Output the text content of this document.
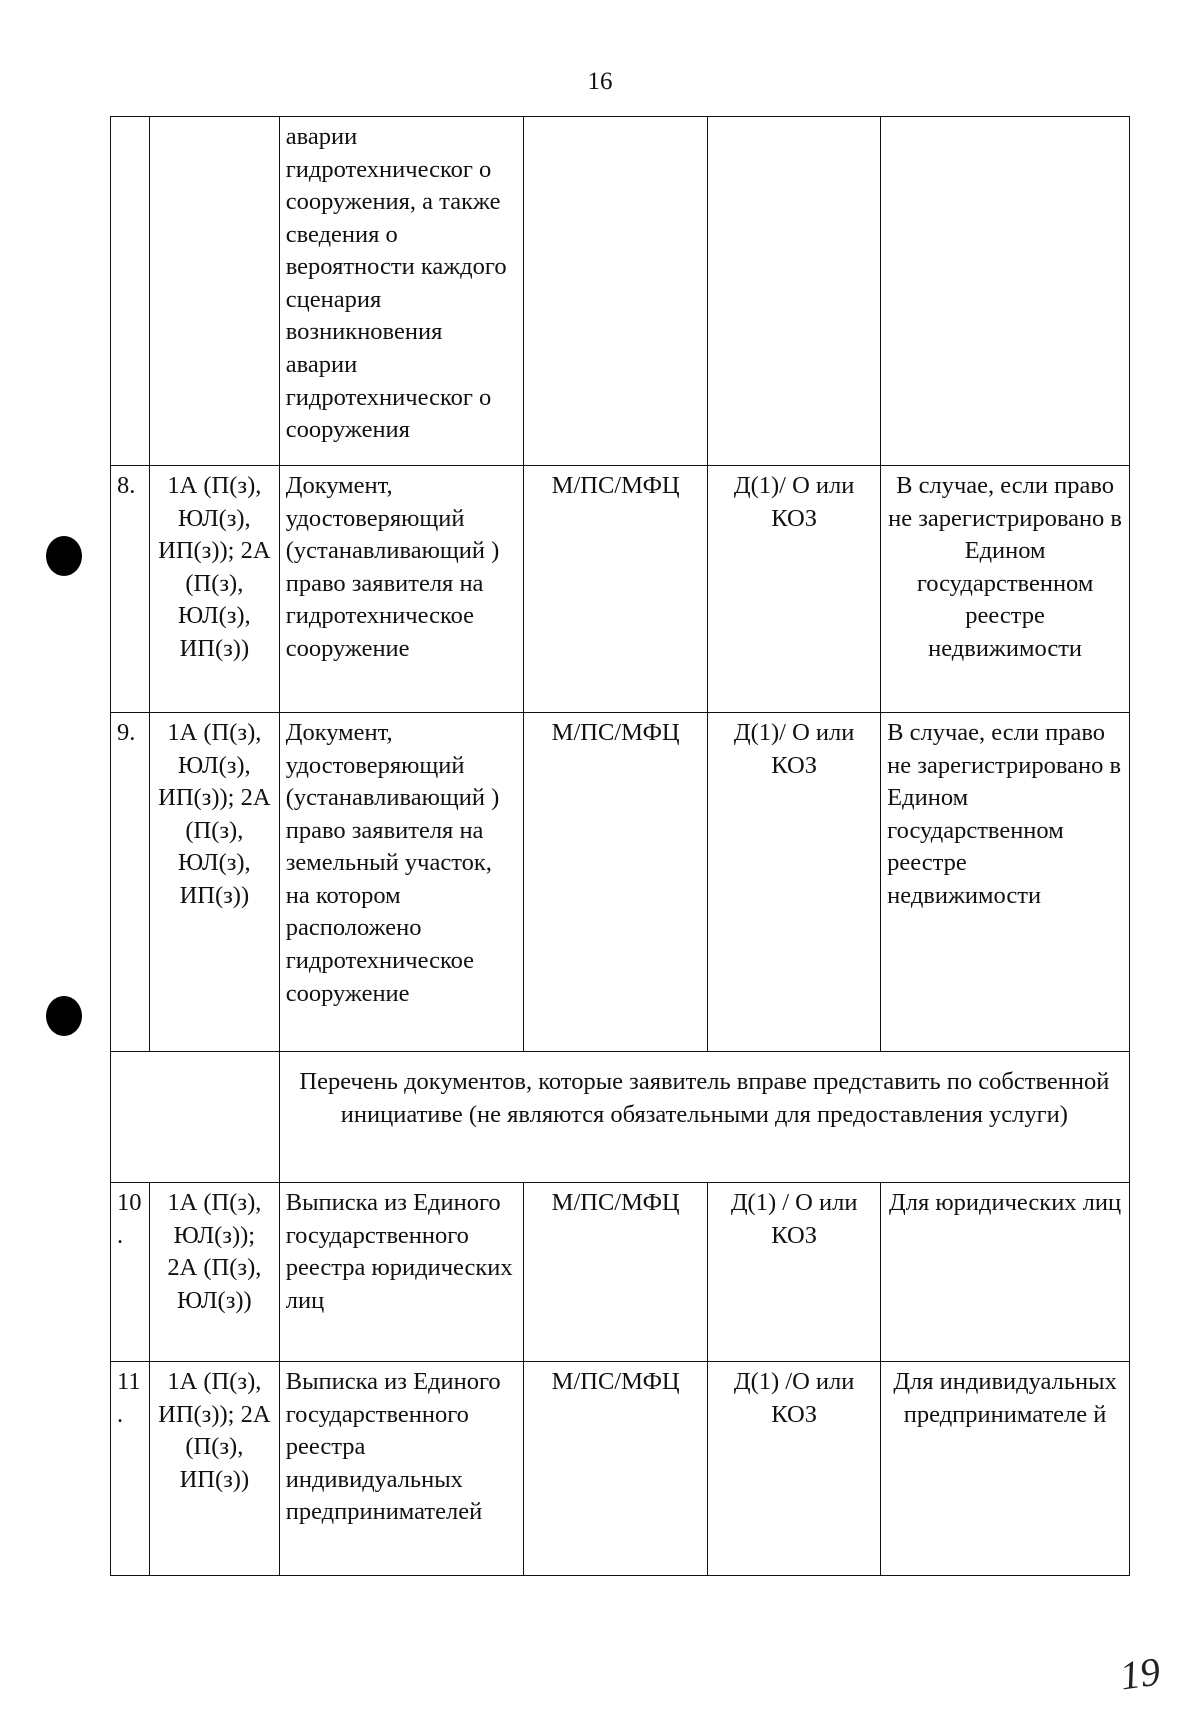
16
		аварии гидротехническог о сооружения, а также сведения о вероятности каждого сценария возникновения аварии гидротехническог о сооружения			
8.	1А (П(з), ЮЛ(з), ИП(з)); 2А (П(з), ЮЛ(з), ИП(з))	Документ, удостоверяющий (устанавливающий ) право заявителя на гидротехническое сооружение	М/ПС/МФЦ	Д(1)/ О или КОЗ	В случае, если право не зарегистрировано в Едином государственном реестре недвижимости
9.	1А (П(з), ЮЛ(з), ИП(з)); 2А (П(з), ЮЛ(з), ИП(з))	Документ, удостоверяющий (устанавливающий ) право заявителя на земельный участок, на котором расположено гидротехническое сооружение	М/ПС/МФЦ	Д(1)/ О или КОЗ	В случае, если право не зарегистрировано в Едином государственном реестре недвижимости
		Перечень документов, которые заявитель вправе представить по собственной инициативе (не являются обязательными для предоставления услуги)			
10.	1А (П(з), ЮЛ(з)); 2А (П(з), ЮЛ(з))	Выписка из Единого государственного реестра юридических лиц	М/ПС/МФЦ	Д(1) / О или КОЗ	Для юридических лиц
11.	1А (П(з), ИП(з)); 2А (П(з), ИП(з))	Выписка из Единого государственного реестра индивидуальных предпринимателей	М/ПС/МФЦ	Д(1) /О или КОЗ	Для индивидуальных предпринимателе й
19
